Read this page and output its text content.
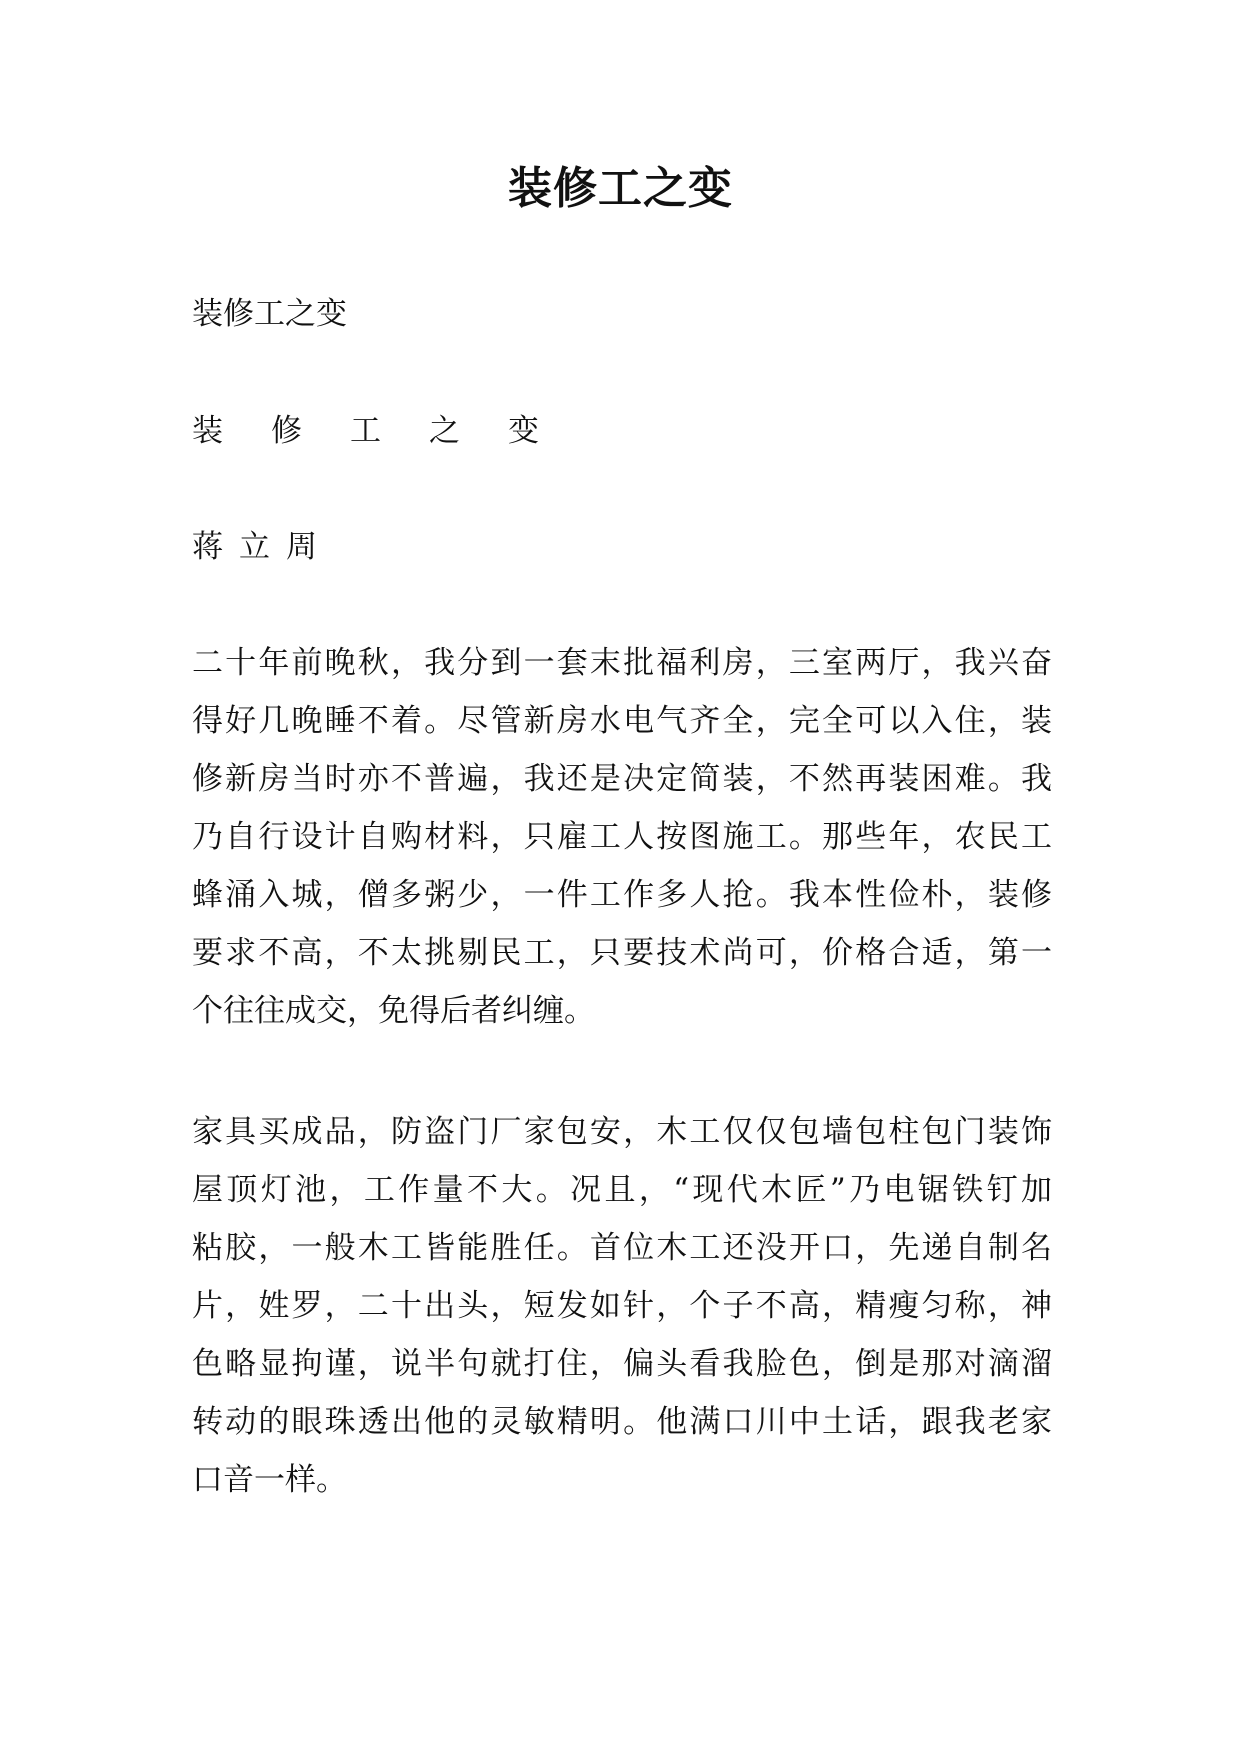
装修工之变

装修工之变

装修工之变

蒋立周

二十年前晚秋，我分到一套末批福利房，三室两厅，我兴奋
得好几晚睡不着。尽管新房水电气齐全，完全可以入住，装
修新房当时亦不普遍，我还是决定简装，不然再装困难。我
乃自行设计自购材料，只雇工人按图施工。那些年，农民工
蜂涌入城，僧多粥少，一件工作多人抢。我本性俭朴，装修
要求不高，不太挑剔民工，只要技术尚可，价格合适，第一
个往往成交，免得后者纠缠。
家具买成品，防盗门厂家包安，木工仅仅包墙包柱包门装饰
屋顶灯池，工作量不大。况且，“现代木匠”乃电锯铁钉加
粘胶，一般木工皆能胜任。首位木工还没开口，先递自制名
片，姓罗，二十出头，短发如针，个子不高，精瘦匀称，神
色略显拘谨，说半句就打住，偏头看我脸色，倒是那对滴溜
转动的眼珠透出他的灵敏精明。他满口川中土话，跟我老家
口音一样。
